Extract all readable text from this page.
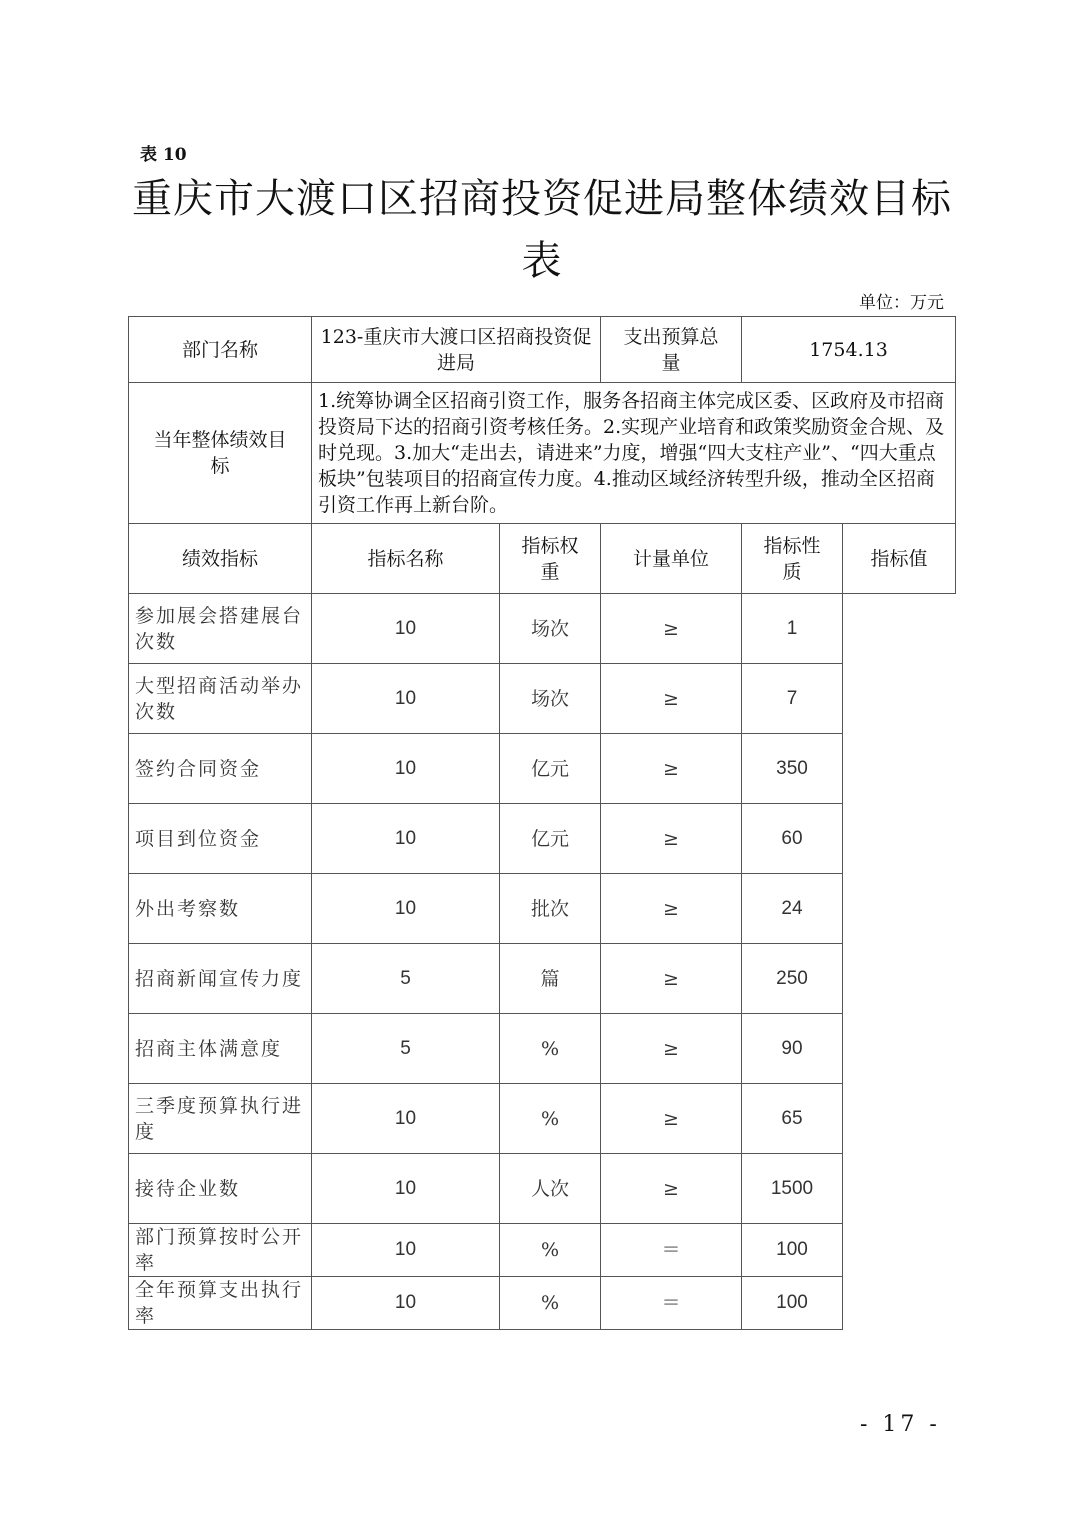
表 10
重庆市大渡口区招商投资促进局整体绩效目标
表
单位：万元
部门名称	123-重庆市大渡口区招商投资促进局		支出预算总量	1754.13	
当年整体绩效目标	1.统筹协调全区招商引资工作，服务各招商主体完成区委、区政府及市招商投资局下达的招商引资考核任务。2.实现产业培育和政策奖励资金合规、及时兑现。3.加大“走出去，请进来”力度，增强“四大支柱产业”、“四大重点板块”包装项目的招商宣传力度。4.推动区域经济转型升级，推动全区招商引资工作再上新台阶。				
绩效指标	指标名称	指标权重	计量单位	指标性质	指标值
参加展会搭建展台次数	10	场次	≥	1	
大型招商活动举办次数	10	场次	≥	7	
签约合同资金	10	亿元	≥	350	
项目到位资金	10	亿元	≥	60	
外出考察数	10	批次	≥	24	
招商新闻宣传力度	5	篇	≥	250	
招商主体满意度	5	%	≥	90	
三季度预算执行进度	10	%	≥	65	
接待企业数	10	人次	≥	1500	
部门预算按时公开率	10	%	＝	100	
全年预算支出执行率	10	%	＝	100	
- 17 -
